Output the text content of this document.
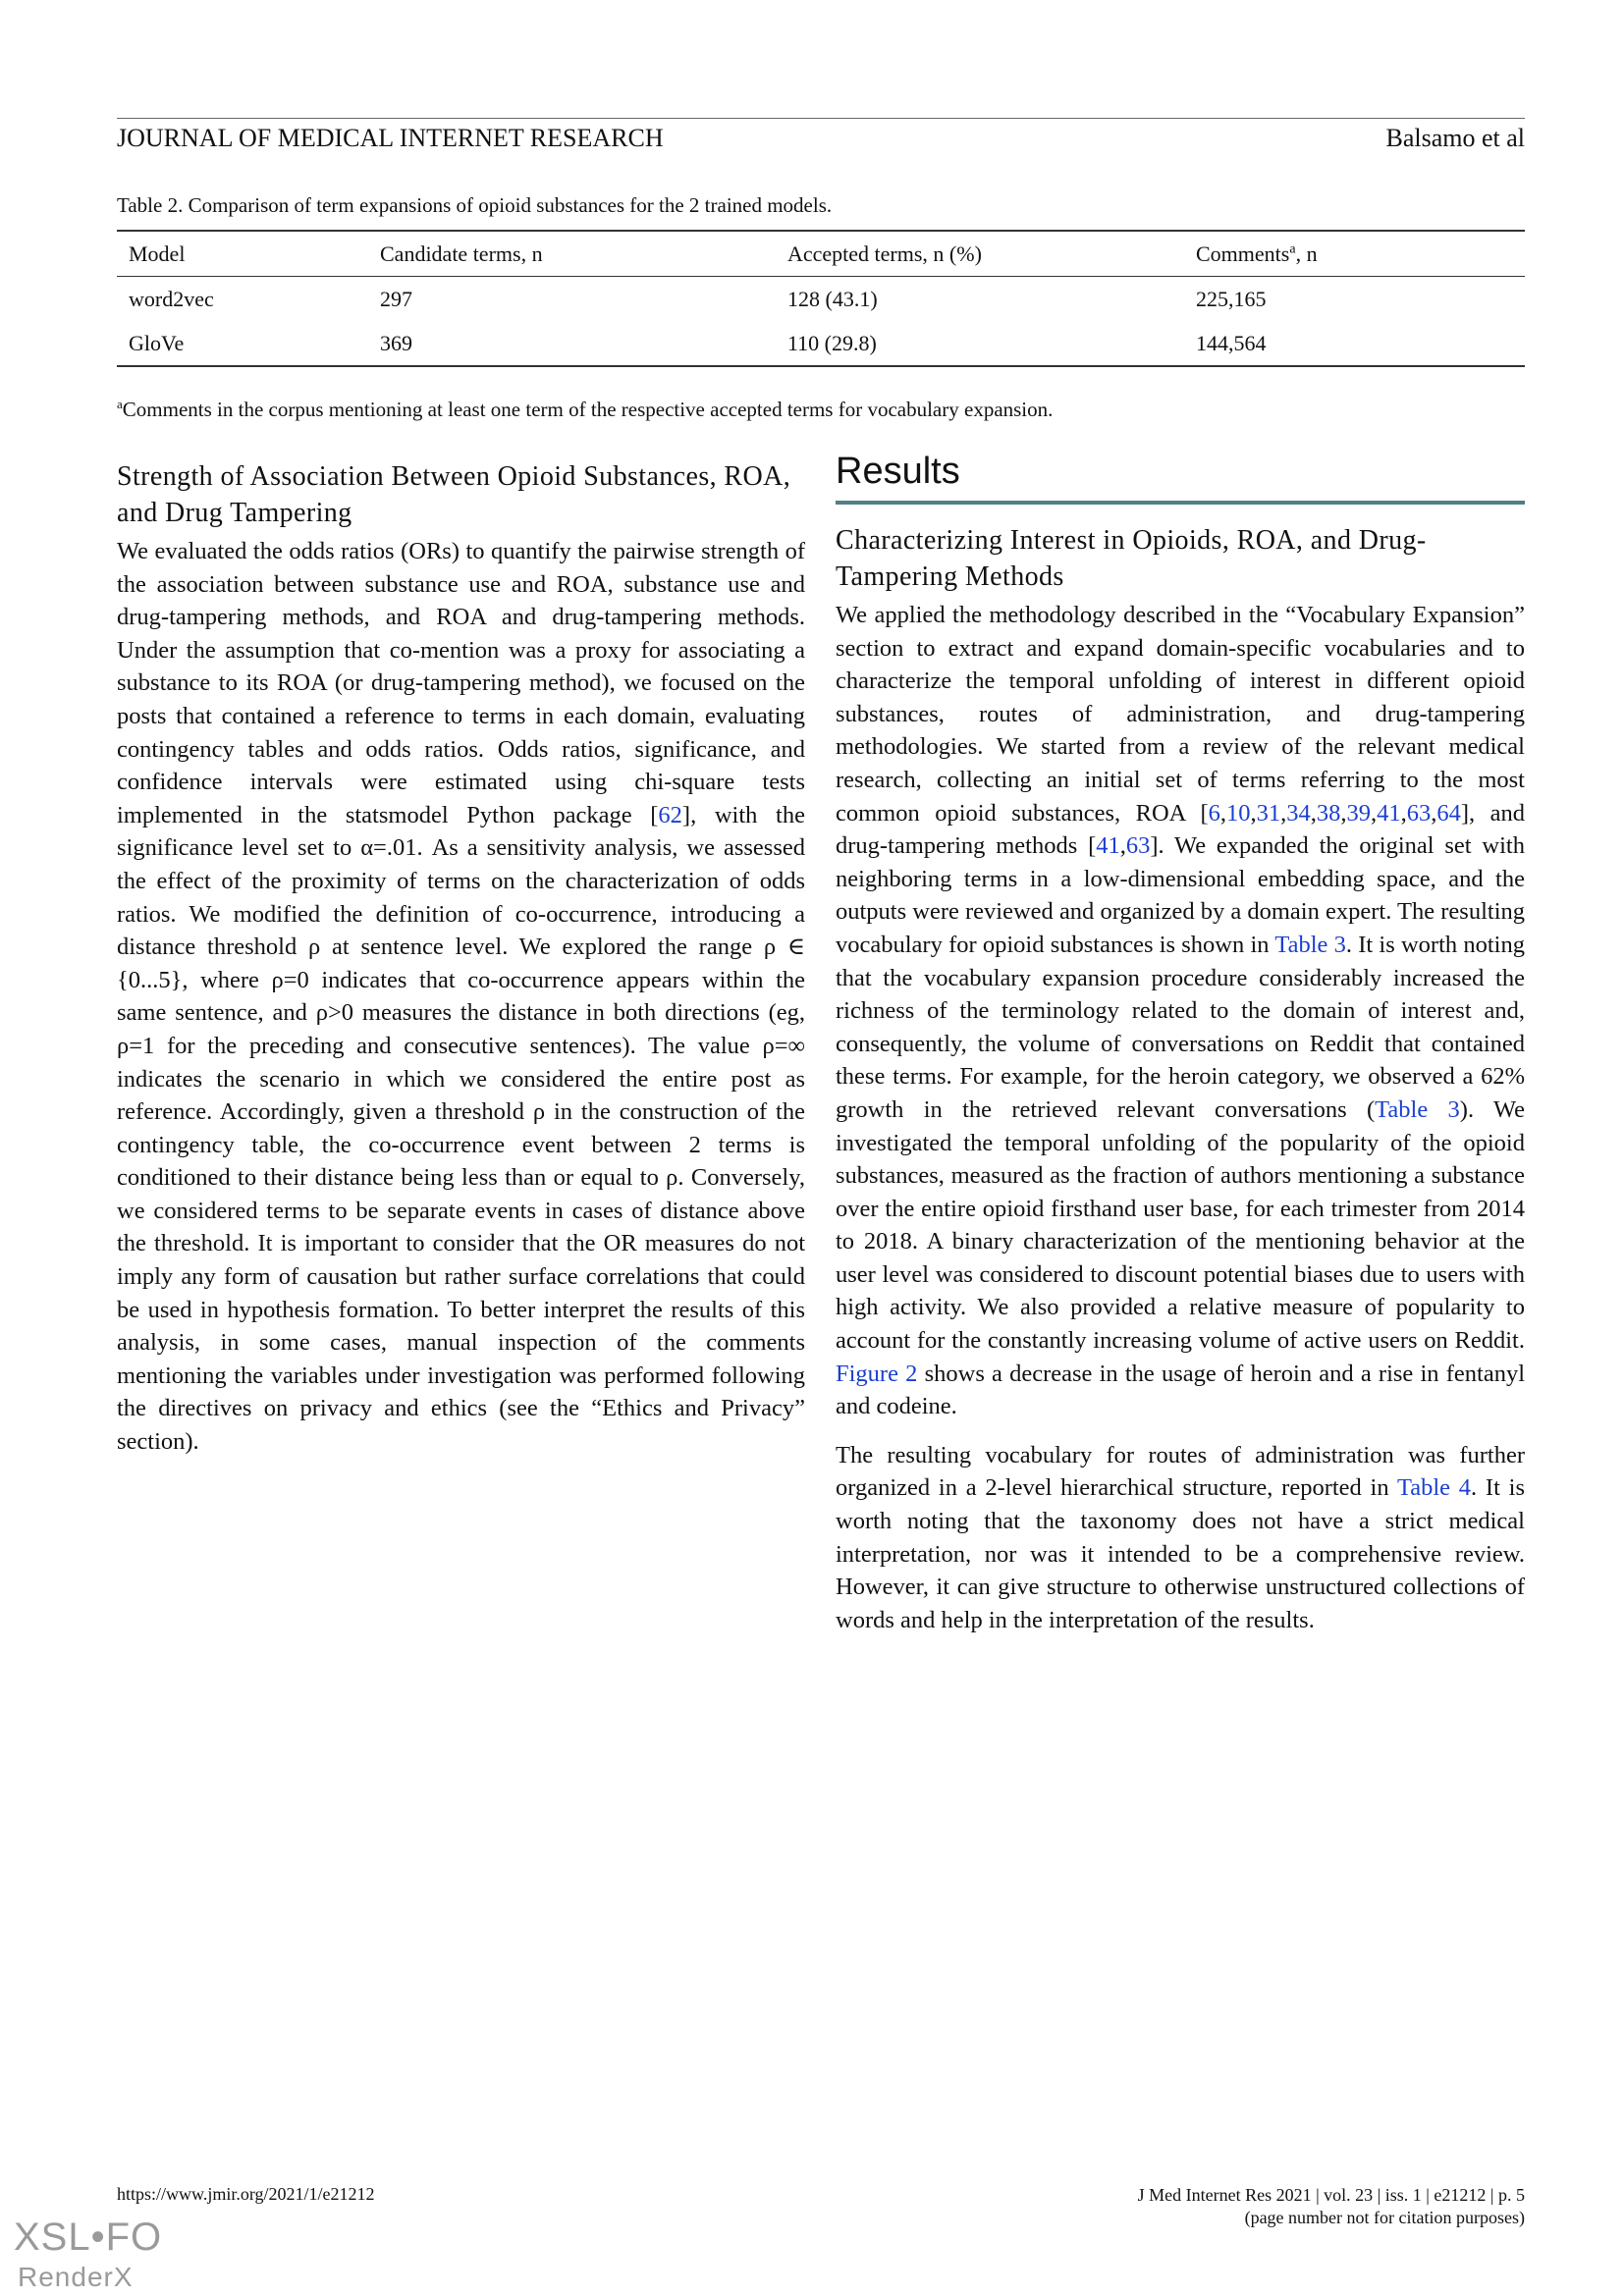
JOURNAL OF MEDICAL INTERNET RESEARCH	Balsamo et al
Table 2. Comparison of term expansions of opioid substances for the 2 trained models.
Model	Candidate terms, n	Accepted terms, n (%)	Comments$^a$, n
word2vec	297	128 (43.1)	225,165
GloVe	369	110 (29.8)	144,564
$^a$Comments in the corpus mentioning at least one term of the respective accepted terms for vocabulary expansion.
Strength of Association Between Opioid Substances, ROA, and Drug Tampering

We evaluated the odds ratios (ORs) to quantify the pairwise strength of the association between substance use and ROA, substance use and drug-tampering methods, and ROA and drug-tampering methods. Under the assumption that co-mention was a proxy for associating a substance to its ROA (or drug-tampering method), we focused on the posts that contained a reference to terms in each domain, evaluating contingency tables and odds ratios. Odds ratios, significance, and confidence intervals were estimated using chi-square tests implemented in the statsmodel Python package [62], with the significance level set to α=.01. As a sensitivity analysis, we assessed the effect of the proximity of terms on the characterization of odds ratios. We modified the definition of co-occurrence, introducing a distance threshold ρ at sentence level. We explored the range ρ ∈ {0...5}, where ρ=0 indicates that co-occurrence appears within the same sentence, and ρ>0 measures the distance in both directions (eg, ρ=1 for the preceding and consecutive sentences). The value ρ=∞ indicates the scenario in which we considered the entire post as reference. Accordingly, given a threshold ρ in the construction of the contingency table, the co-occurrence event between 2 terms is conditioned to their distance being less than or equal to ρ. Conversely, we considered terms to be separate events in cases of distance above the threshold. It is important to consider that the OR measures do not imply any form of causation but rather surface correlations that could be used in hypothesis formation. To better interpret the results of this analysis, in some cases, manual inspection of the comments mentioning the variables under investigation was performed following the directives on privacy and ethics (see the “Ethics and Privacy” section).

Results
Characterizing Interest in Opioids, ROA, and Drug-Tampering Methods

We applied the methodology described in the “Vocabulary Expansion” section to extract and expand domain-specific vocabularies and to characterize the temporal unfolding of interest in different opioid substances, routes of administration, and drug-tampering methodologies. We started from a review of the relevant medical research, collecting an initial set of terms referring to the most common opioid substances, ROA [6,10,31,34,38,39,41,63,64], and drug-tampering methods [41,63]. We expanded the original set with neighboring terms in a low-dimensional embedding space, and the outputs were reviewed and organized by a domain expert. The resulting vocabulary for opioid substances is shown in Table 3. It is worth noting that the vocabulary expansion procedure considerably increased the richness of the terminology related to the domain of interest and, consequently, the volume of conversations on Reddit that contained these terms. For example, for the heroin category, we observed a 62% growth in the retrieved relevant conversations (Table 3). We investigated the temporal unfolding of the popularity of the opioid substances, measured as the fraction of authors mentioning a substance over the entire opioid firsthand user base, for each trimester from 2014 to 2018. A binary characterization of the mentioning behavior at the user level was considered to discount potential biases due to users with high activity. We also provided a relative measure of popularity to account for the constantly increasing volume of active users on Reddit. Figure 2 shows a decrease in the usage of heroin and a rise in fentanyl and codeine.

The resulting vocabulary for routes of administration was further organized in a 2-level hierarchical structure, reported in Table 4. It is worth noting that the taxonomy does not have a strict medical interpretation, nor was it intended to be a comprehensive review. However, it can give structure to otherwise unstructured collections of words and help in the interpretation of the results.

https://www.jmir.org/2021/1/e21212	J Med Internet Res 2021 | vol. 23 | iss. 1 | e21212 | p. 5
(page number not for citation purposes)
XSL•FO
RenderX
